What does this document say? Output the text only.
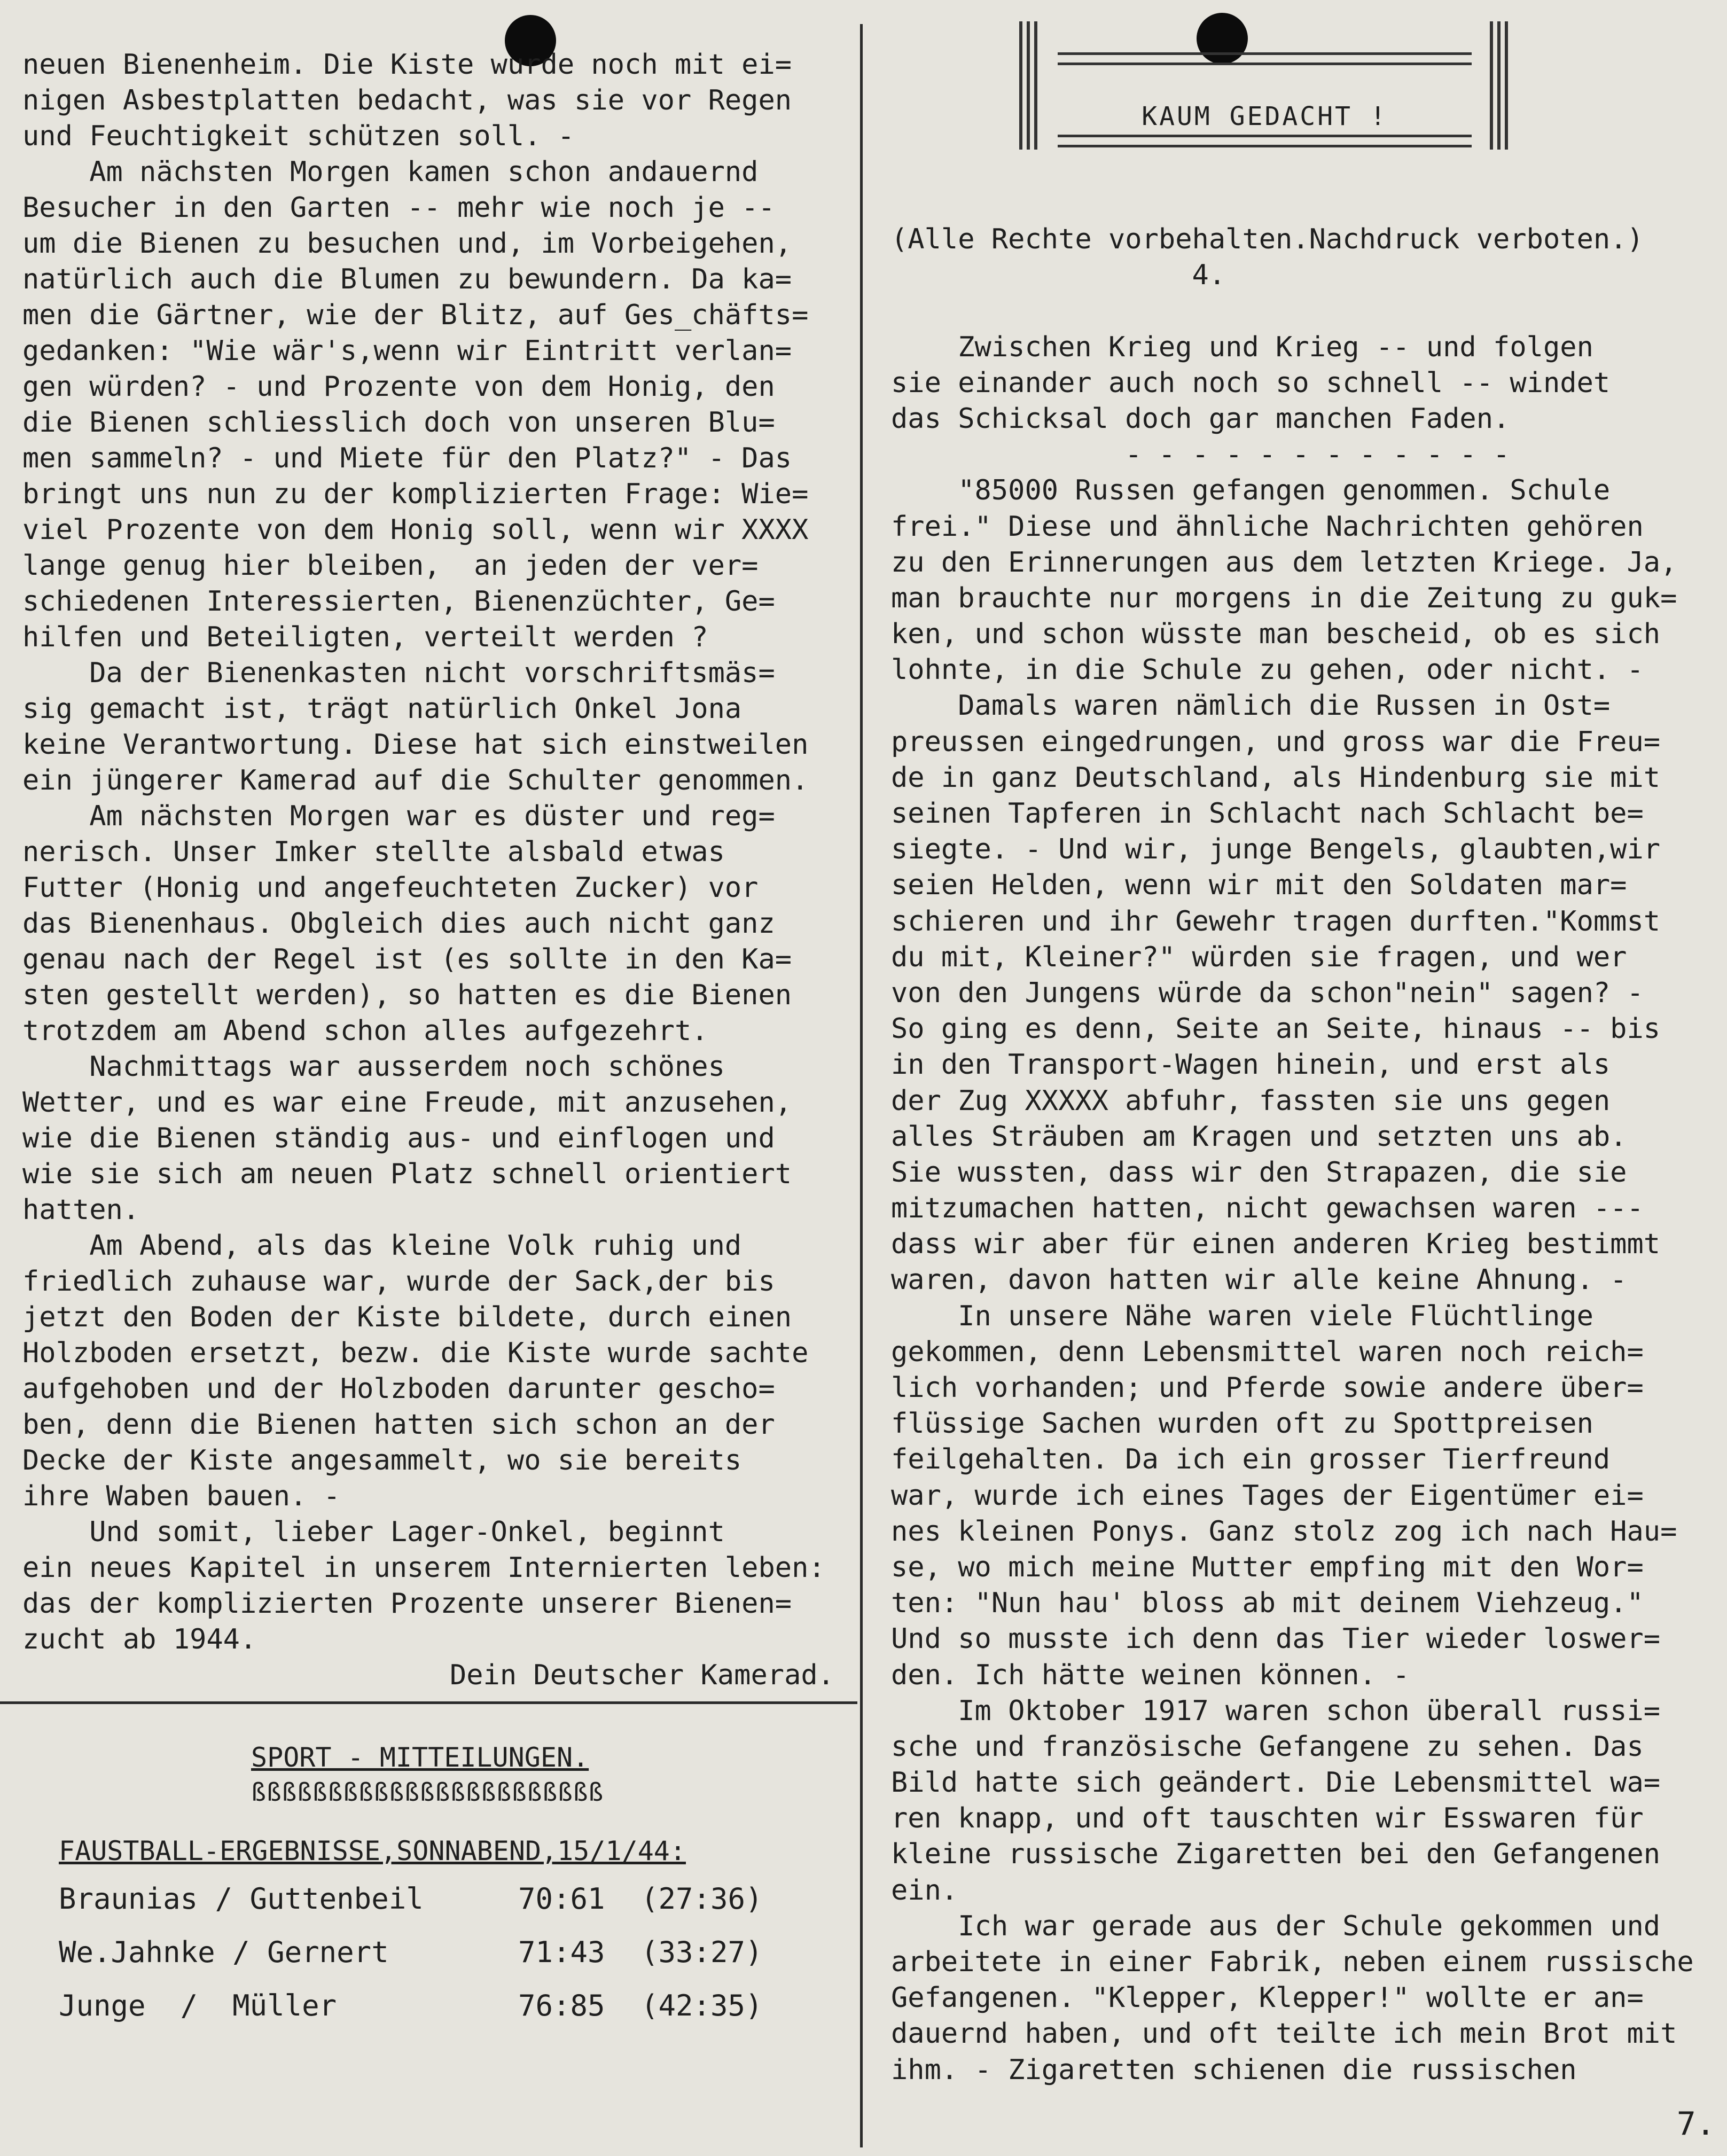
neuen Bienenheim. Die Kiste wurde noch mit ei=
nigen Asbestplatten bedacht, was sie vor Regen
und Feuchtigkeit schützen soll. -
Am nächsten Morgen kamen schon andauernd
Besucher in den Garten -- mehr wie noch je --
um die Bienen zu besuchen und, im Vorbeigehen,
natürlich auch die Blumen zu bewundern. Da ka=
men die Gärtner, wie der Blitz, auf Ges_chäfts=
gedanken: "Wie wär's,wenn wir Eintritt verlan=
gen würden? - und Prozente von dem Honig, den
die Bienen schliesslich doch von unseren Blu=
men sammeln? - und Miete für den Platz?" - Das
bringt uns nun zu der komplizierten Frage: Wie=
viel Prozente von dem Honig soll, wenn wir XXXX
lange genug hier bleiben,  an jeden der ver=
schiedenen Interessierten, Bienenzüchter, Ge=
hilfen und Beteiligten, verteilt werden ?
Da der Bienenkasten nicht vorschriftsmäs=
sig gemacht ist, trägt natürlich Onkel Jona
keine Verantwortung. Diese hat sich einstweilen
ein jüngerer Kamerad auf die Schulter genommen.
Am nächsten Morgen war es düster und reg=
nerisch. Unser Imker stellte alsbald etwas
Futter (Honig und angefeuchteten Zucker) vor
das Bienenhaus. Obgleich dies auch nicht ganz
genau nach der Regel ist (es sollte in den Ka=
sten gestellt werden), so hatten es die Bienen
trotzdem am Abend schon alles aufgezehrt.
Nachmittags war ausserdem noch schönes
Wetter, und es war eine Freude, mit anzusehen,
wie die Bienen ständig aus- und einflogen und
wie sie sich am neuen Platz schnell orientiert
hatten.
Am Abend, als das kleine Volk ruhig und
friedlich zuhause war, wurde der Sack,der bis
jetzt den Boden der Kiste bildete, durch einen
Holzboden ersetzt, bezw. die Kiste wurde sachte
aufgehoben und der Holzboden darunter gescho=
ben, denn die Bienen hatten sich schon an der
Decke der Kiste angesammelt, wo sie bereits
ihre Waben bauen. -
Und somit, lieber Lager-Onkel, beginnt
ein neues Kapitel in unserem Internierten leben:
das der komplizierten Prozente unserer Bienen=
zucht ab 1944.
Dein Deutscher Kamerad.
KAUM GEDACHT !
(Alle Rechte vorbehalten.Nachdruck verboten.)
4.
Zwischen Krieg und Krieg -- und folgen
sie einander auch noch so schnell -- windet
das Schicksal doch gar manchen Faden.
- - - - - - - - - - - -
"85000 Russen gefangen genommen. Schule
frei." Diese und ähnliche Nachrichten gehören
zu den Erinnerungen aus dem letzten Kriege. Ja,
man brauchte nur morgens in die Zeitung zu guk=
ken, und schon wüsste man bescheid, ob es sich
lohnte, in die Schule zu gehen, oder nicht. -
Damals waren nämlich die Russen in Ost=
preussen eingedrungen, und gross war die Freu=
de in ganz Deutschland, als Hindenburg sie mit
seinen Tapferen in Schlacht nach Schlacht be=
siegte. - Und wir, junge Bengels, glaubten,wir
seien Helden, wenn wir mit den Soldaten mar=
schieren und ihr Gewehr tragen durften."Kommst
du mit, Kleiner?" würden sie fragen, und wer
von den Jungens würde da schon"nein" sagen? -
So ging es denn, Seite an Seite, hinaus -- bis
in den Transport-Wagen hinein, und erst als
der Zug XXXXX abfuhr, fassten sie uns gegen
alles Sträuben am Kragen und setzten uns ab.
Sie wussten, dass wir den Strapazen, die sie
mitzumachen hatten, nicht gewachsen waren ---
dass wir aber für einen anderen Krieg bestimmt
waren, davon hatten wir alle keine Ahnung. -
In unsere Nähe waren viele Flüchtlinge
gekommen, denn Lebensmittel waren noch reich=
lich vorhanden; und Pferde sowie andere über=
flüssige Sachen wurden oft zu Spottpreisen
feilgehalten. Da ich ein grosser Tierfreund
war, wurde ich eines Tages der Eigentümer ei=
nes kleinen Ponys. Ganz stolz zog ich nach Hau=
se, wo mich meine Mutter empfing mit den Wor=
ten: "Nun hau' bloss ab mit deinem Viehzeug."
Und so musste ich denn das Tier wieder loswer=
den. Ich hätte weinen können. -
Im Oktober 1917 waren schon überall russi=
sche und französische Gefangene zu sehen. Das
Bild hatte sich geändert. Die Lebensmittel wa=
ren knapp, und oft tauschten wir Esswaren für
kleine russische Zigaretten bei den Gefangenen
ein.
Ich war gerade aus der Schule gekommen und
arbeitete in einer Fabrik, neben einem russische
Gefangenen. "Klepper, Klepper!" wollte er an=
dauernd haben, und oft teilte ich mein Brot mit
ihm. - Zigaretten schienen die russischen
SPORT - MITTEILUNGEN.
ßßßßßßßßßßßßßßßßßßßßßßß
FAUSTBALL-ERGEBNISSE,SONNABEND,15/1/44:
Braunias / Guttenbeil	70:61 (27:36)
We.Jahnke / Gernert	71:43 (33:27)
Junge  /  Müller	76:85 (42:35)
7.
